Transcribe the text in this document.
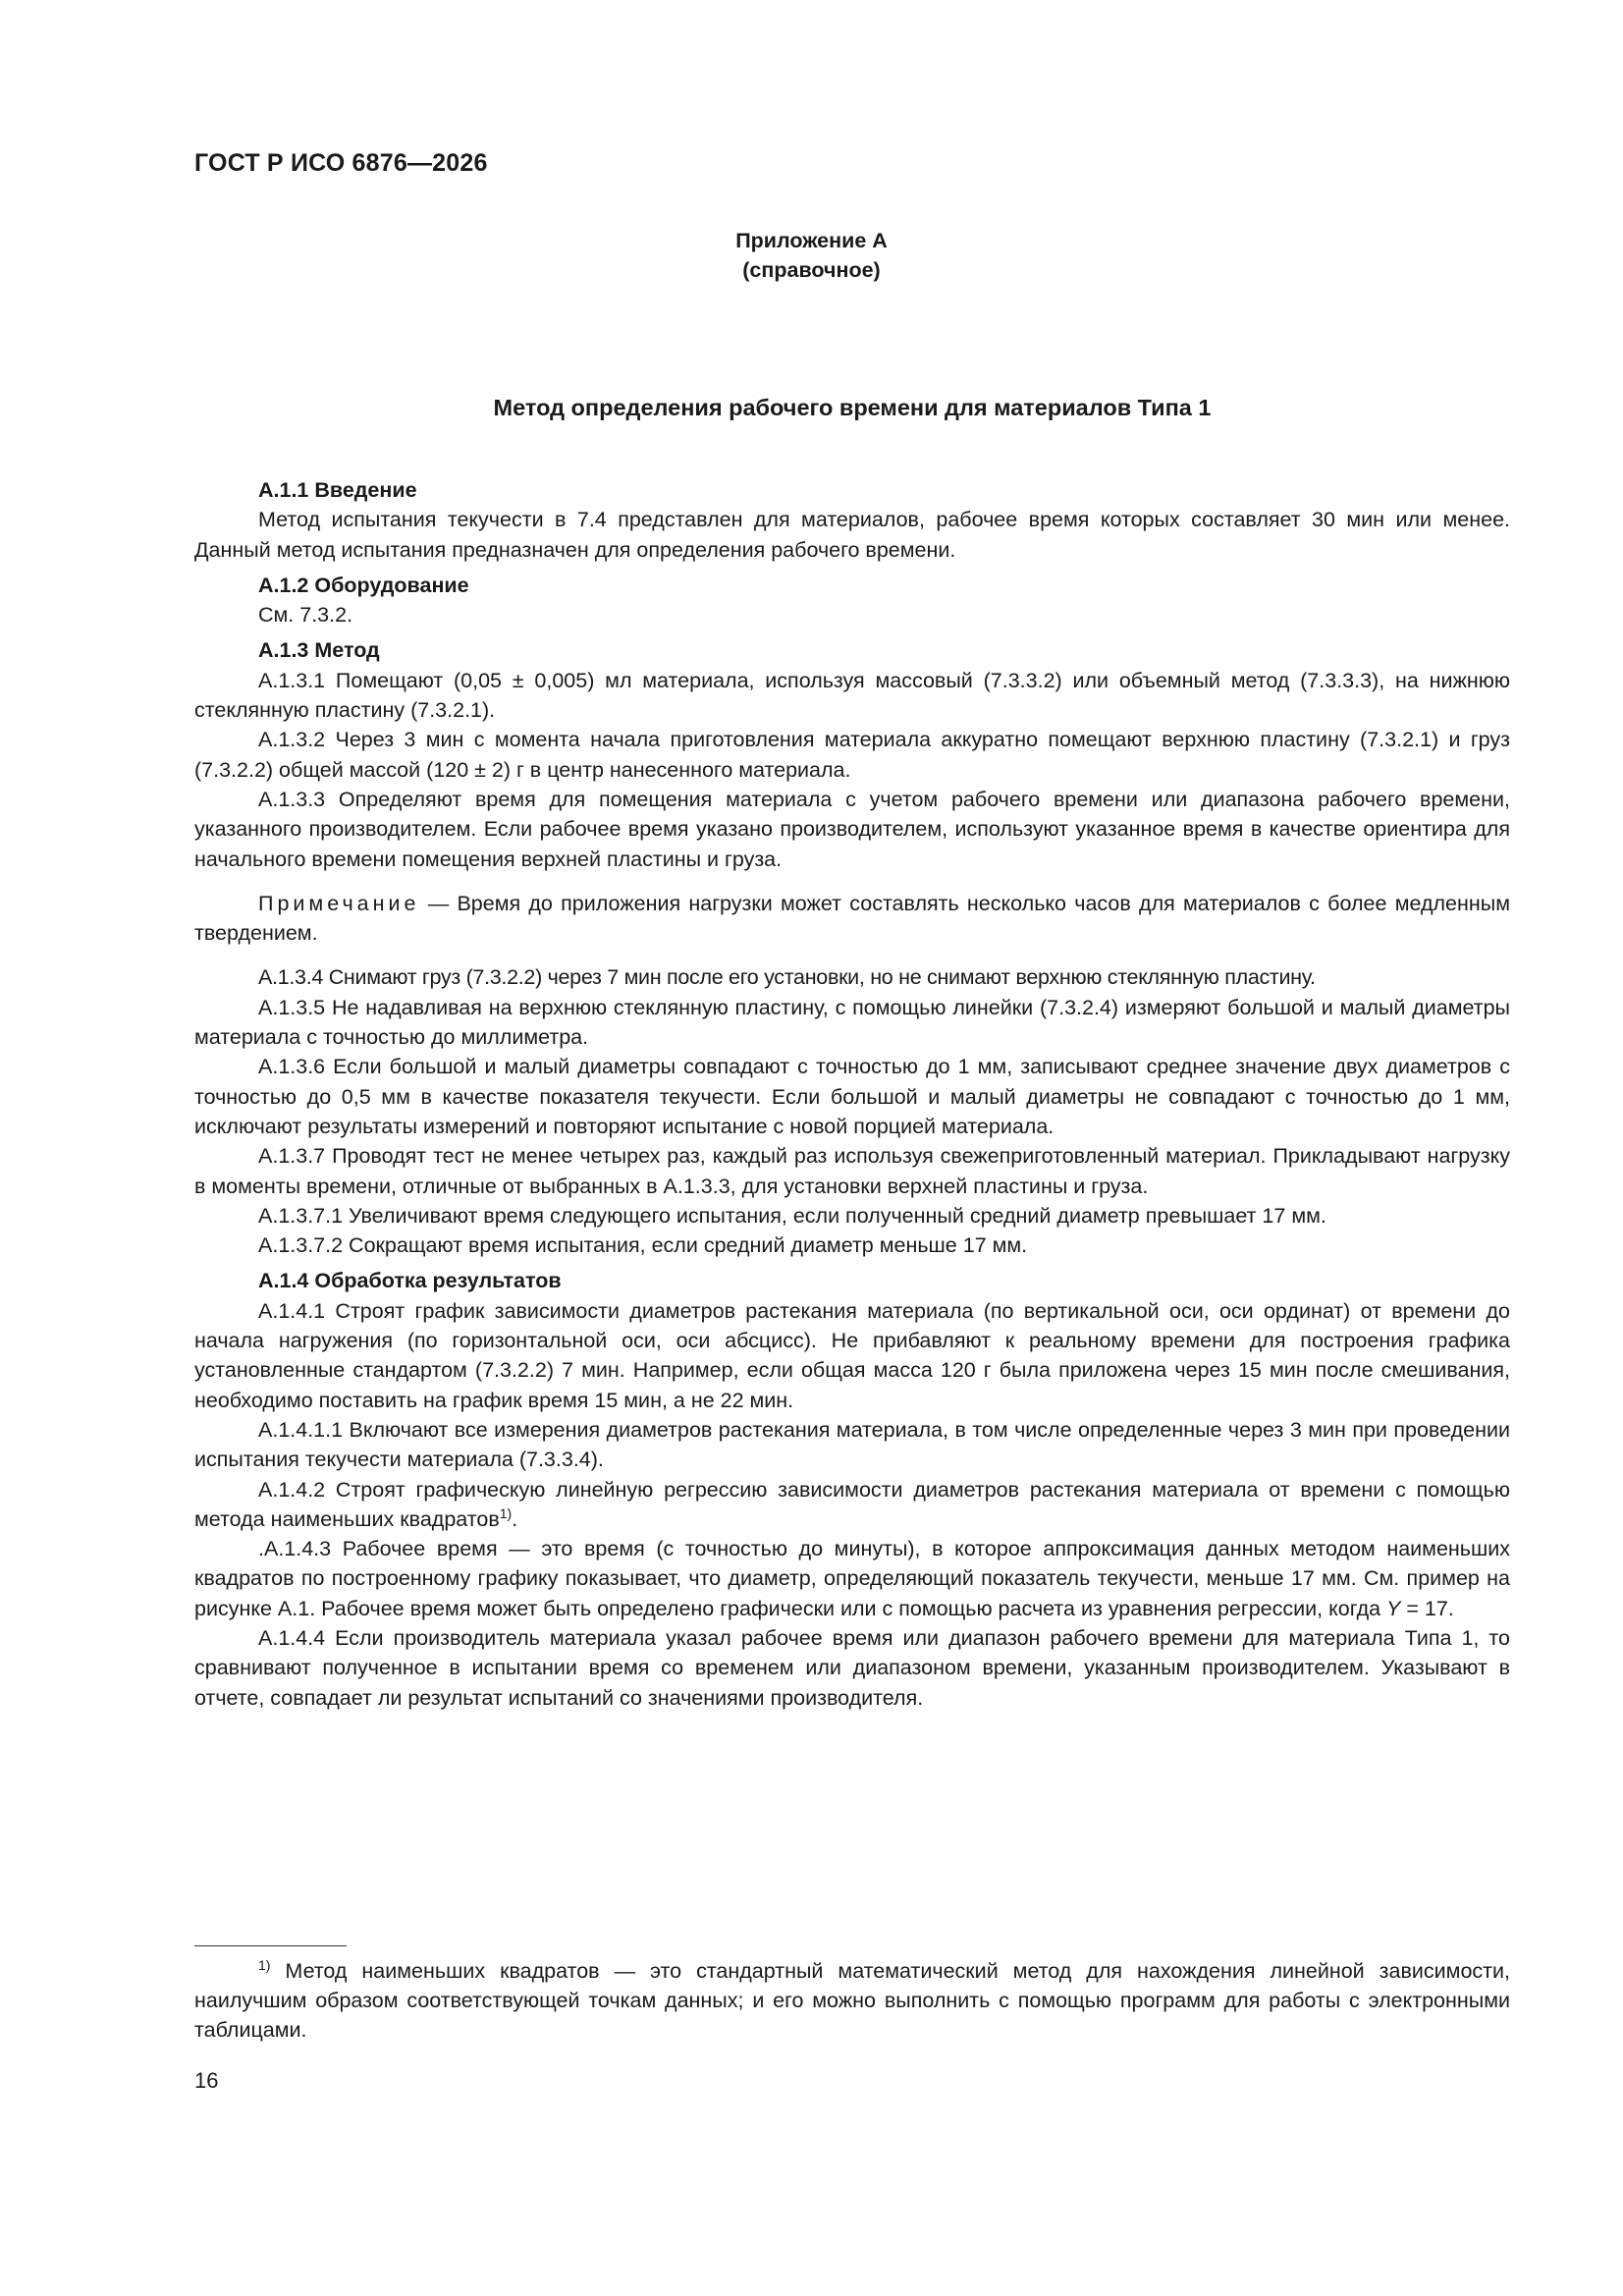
ГОСТ Р ИСО 6876—2026
Приложение А
(справочное)
Метод определения рабочего времени для материалов Типа 1

А.1.1 Введение

Метод испытания текучести в 7.4 представлен для материалов, рабочее время которых составляет 30 мин или менее. Данный метод испытания предназначен для определения рабочего времени.

А.1.2 Оборудование

См. 7.3.2.

А.1.3 Метод

А.1.3.1 Помещают (0,05 ± 0,005) мл материала, используя массовый (7.3.3.2) или объемный метод (7.3.3.3), на нижнюю стеклянную пластину (7.3.2.1).

А.1.3.2 Через 3 мин с момента начала приготовления материала аккуратно помещают верхнюю пластину (7.3.2.1) и груз (7.3.2.2) общей массой (120 ± 2) г в центр нанесенного материала.

А.1.3.3 Определяют время для помещения материала с учетом рабочего времени или диапазона рабочего времени, указанного производителем. Если рабочее время указано производителем, используют указанное время в качестве ориентира для начального времени помещения верхней пластины и груза.

Примечание — Время до приложения нагрузки может составлять несколько часов для материалов с более медленным твердением.

А.1.3.4 Снимают груз (7.3.2.2) через 7 мин после его установки, но не снимают верхнюю стеклянную пластину.

А.1.3.5 Не надавливая на верхнюю стеклянную пластину, с помощью линейки (7.3.2.4) измеряют большой и малый диаметры материала с точностью до миллиметра.

А.1.3.6 Если большой и малый диаметры совпадают с точностью до 1 мм, записывают среднее значение двух диаметров с точностью до 0,5 мм в качестве показателя текучести. Если большой и малый диаметры не совпадают с точностью до 1 мм, исключают результаты измерений и повторяют испытание с новой порцией материала.

А.1.3.7 Проводят тест не менее четырех раз, каждый раз используя свежеприготовленный материал. Прикладывают нагрузку в моменты времени, отличные от выбранных в А.1.3.3, для установки верхней пластины и груза.

А.1.3.7.1 Увеличивают время следующего испытания, если полученный средний диаметр превышает 17 мм.

А.1.3.7.2 Сокращают время испытания, если средний диаметр меньше 17 мм.

А.1.4 Обработка результатов

А.1.4.1 Строят график зависимости диаметров растекания материала (по вертикальной оси, оси ординат) от времени до начала нагружения (по горизонтальной оси, оси абсцисс). Не прибавляют к реальному времени для построения графика установленные стандартом (7.3.2.2) 7 мин. Например, если общая масса 120 г была приложена через 15 мин после смешивания, необходимо поставить на график время 15 мин, а не 22 мин.

А.1.4.1.1 Включают все измерения диаметров растекания материала, в том числе определенные через 3 мин при проведении испытания текучести материала (7.3.3.4).

А.1.4.2 Строят графическую линейную регрессию зависимости диаметров растекания материала от времени с помощью метода наименьших квадратов$^{1)}$.

.А.1.4.3 Рабочее время — это время (с точностью до минуты), в которое аппроксимация данных методом наименьших квадратов по построенному графику показывает, что диаметр, определяющий показатель текучести, меньше 17 мм. См. пример на рисунке А.1. Рабочее время может быть определено графически или с помощью расчета из уравнения регрессии, когда Y = 17.

А.1.4.4 Если производитель материала указал рабочее время или диапазон рабочего времени для материала Типа 1, то сравнивают полученное в испытании время со временем или диапазоном времени, указанным производителем. Указывают в отчете, совпадает ли результат испытаний со значениями производителя.

$^{1)}$ Метод наименьших квадратов — это стандартный математический метод для нахождения линейной зависимости, наилучшим образом соответствующей точкам данных; и его можно выполнить с помощью программ для работы с электронными таблицами.

16
